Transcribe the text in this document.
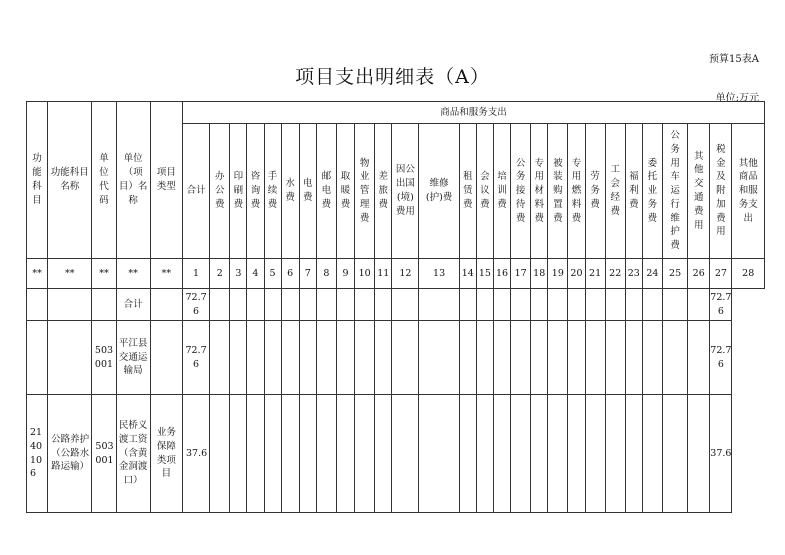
预算15表A
项目支出明细表（A）
单位:万元
功能科目	功能科目名称	单位代码	单位（项目）名称	项目类型	商品和服务支出																											
					合计	办公费	印刷费	咨询费	手续费	水费	电费	邮电费	取暖费	物业管理费	差旅费	因公出国(境)费用	维修(护)费	租赁费	会议费	培训费	公务接待费	专用材料费	被装购置费	专用燃料费	劳务费	工会经费	福利费	委托业务费	公务用车运行维护费	其他交通费用	税金及附加费用	其他商品和服务支出
**	**	**	**	**	1	2	3	4	5	6	7	8	9	10	11	12	13	14	15	16	17	18	19	20	21	22	23	24	25	26	27	28
			合计		72.76																										72.76	
		503001	平江县交通运输局		72.76																										72.76	
2140106	公路养护（公路水路运输）	503001	民桥义渡工资（含黄金洞渡口）	业务保障类项目	37.6																										37.6	
